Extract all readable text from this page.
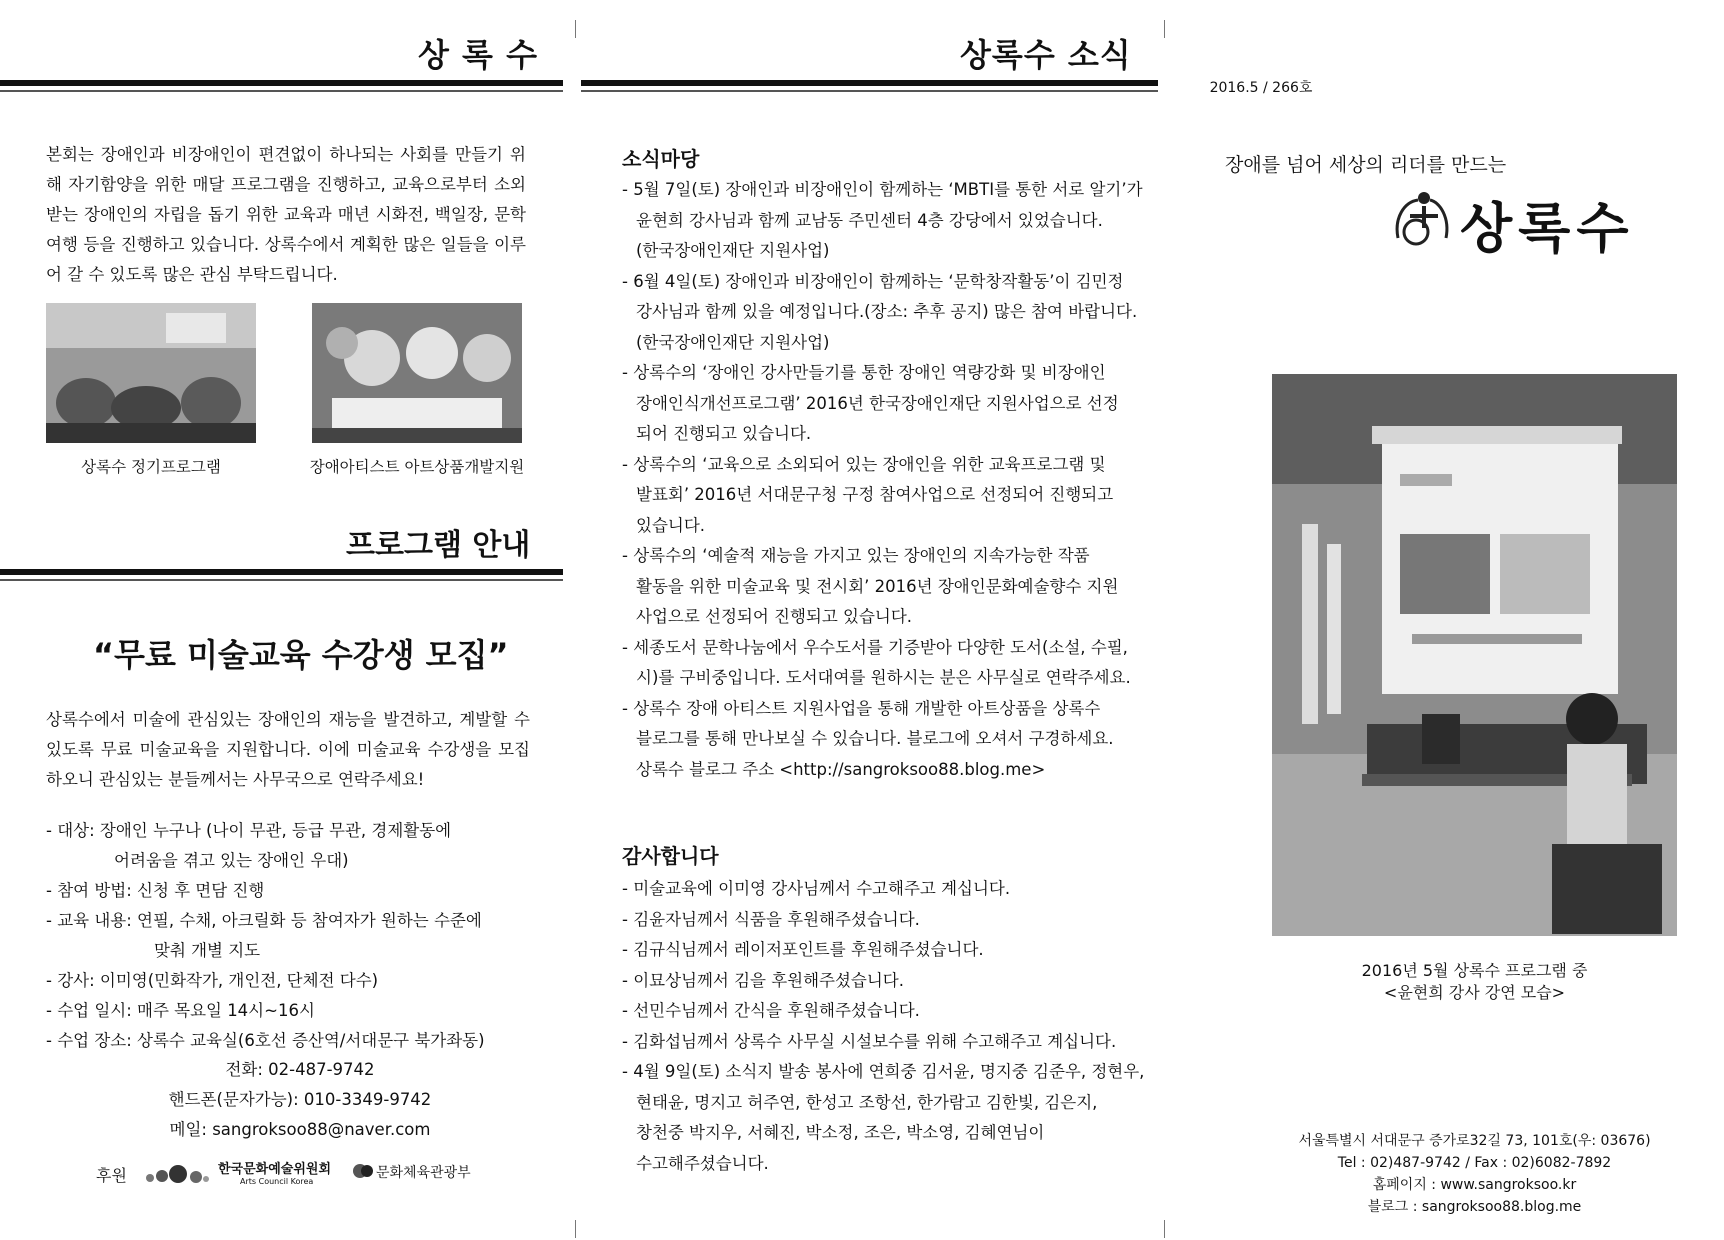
상 록 수
본회는 장애인과 비장애인이 편견없이 하나되는 사회를 만들기 위해 자기함양을 위한 매달 프로그램을 진행하고, 교육으로부터 소외받는 장애인의 자립을 돕기 위한 교육과 매년 시화전, 백일장, 문학여행 등을 진행하고 있습니다. 상록수에서 계획한 많은 일들을 이루어 갈 수 있도록 많은 관심 부탁드립니다.
상록수 정기프로그램	장애아티스트 아트상품개발지원
프로그램 안내
“무료 미술교육 수강생 모집”
상록수에서 미술에 관심있는 장애인의 재능을 발견하고, 계발할 수 있도록 무료 미술교육을 지원합니다. 이에 미술교육 수강생을 모집하오니 관심있는 분들께서는 사무국으로 연락주세요!
- 대상: 장애인 누구나 (나이 무관, 등급 무관, 경제활동에
어려움을 겪고 있는 장애인 우대)
- 참여 방법: 신청 후 면담 진행
- 교육 내용: 연필, 수채, 아크릴화 등 참여자가 원하는 수준에
맞춰 개별 지도
- 강사: 이미영(민화작가, 개인전, 단체전 다수)
- 수업 일시: 매주 목요일 14시~16시
- 수업 장소: 상록수 교육실(6호선 증산역/서대문구 북가좌동)
전화: 02-487-9742
핸드폰(문자가능): 010-3349-9742
메일: sangroksoo88@naver.com
후원	한국문화예술위원회
Arts Council Korea
문화체육관광부
상록수 소식
소식마당
- 5월 7일(토) 장애인과 비장애인이 함께하는 ‘MBTI를 통한 서로 알기’가
윤현희 강사님과 함께 교남동 주민센터 4층 강당에서 있었습니다.
(한국장애인재단 지원사업)
- 6월 4일(토) 장애인과 비장애인이 함께하는 ‘문학창작활동’이 김민정
강사님과 함께 있을 예정입니다.(장소: 추후 공지) 많은 참여 바랍니다.
(한국장애인재단 지원사업)
- 상록수의 ‘장애인 강사만들기를 통한 장애인 역량강화 및 비장애인
장애인식개선프로그램’ 2016년 한국장애인재단 지원사업으로 선정
되어 진행되고 있습니다.
- 상록수의 ‘교육으로 소외되어 있는 장애인을 위한 교육프로그램 및
발표회’ 2016년 서대문구청 구정 참여사업으로 선정되어 진행되고
있습니다.
- 상록수의 ‘예술적 재능을 가지고 있는 장애인의 지속가능한 작품
활동을 위한 미술교육 및 전시회’ 2016년 장애인문화예술향수 지원
사업으로 선정되어 진행되고 있습니다.
- 세종도서 문학나눔에서 우수도서를 기증받아 다양한 도서(소설, 수필,
시)를 구비중입니다. 도서대여를 원하시는 분은 사무실로 연락주세요.
- 상록수 장애 아티스트 지원사업을 통해 개발한 아트상품을 상록수
블로그를 통해 만나보실 수 있습니다. 블로그에 오셔서 구경하세요.
상록수 블로그 주소 <http://sangroksoo88.blog.me>
감사합니다
- 미술교육에 이미영 강사님께서 수고해주고 계십니다.
- 김윤자님께서 식품을 후원해주셨습니다.
- 김규식님께서 레이저포인트를 후원해주셨습니다.
- 이묘상님께서 김을 후원해주셨습니다.
- 선민수님께서 간식을 후원해주셨습니다.
- 김화섭님께서 상록수 사무실 시설보수를 위해 수고해주고 계십니다.
- 4월 9일(토) 소식지 발송 봉사에 연희중 김서윤, 명지중 김준우, 정현우,
현태윤, 명지고 허주연, 한성고 조항선, 한가람고 김한빛, 김은지,
창천중 박지우, 서혜진, 박소정, 조은, 박소영, 김혜연님이
수고해주셨습니다.
2016.5 / 266호
장애를 넘어 세상의 리더를 만드는
상록수
2016년 5월 상록수 프로그램 중
<윤현희 강사 강연 모습>
서울특별시 서대문구 증가로32길 73, 101호(우: 03676)
Tel : 02)487-9742 / Fax : 02)6082-7892
홈페이지 : www.sangroksoo.kr
블로그 : sangroksoo88.blog.me
